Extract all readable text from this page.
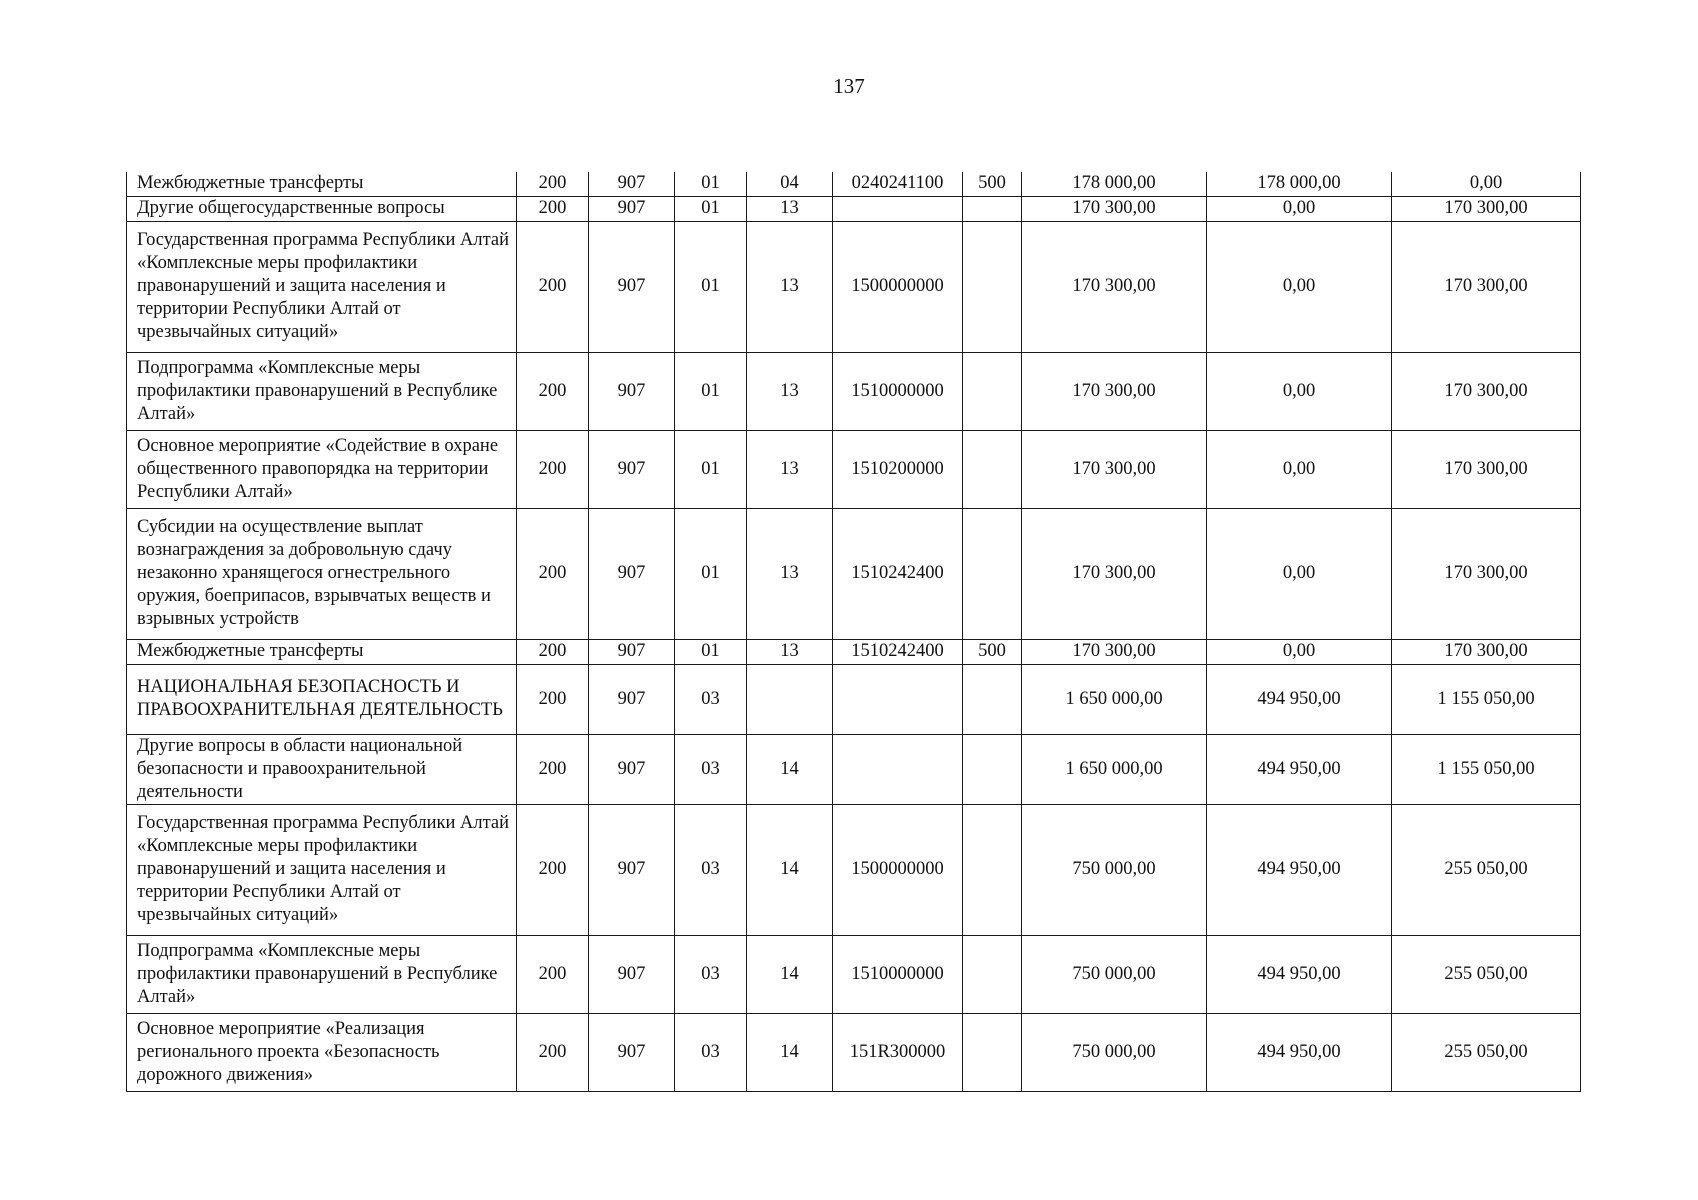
137
Межбюджетные трансферты	200	907	01	04	0240241100	500	178 000,00	178 000,00	0,00
Другие общегосударственные вопросы	200	907	01	13			170 300,00	0,00	170 300,00
Государственная программа Республики Алтай «Комплексные меры профилактики правонарушений и защита населения и территории Республики Алтай от чрезвычайных ситуаций»	200	907	01	13	1500000000		170 300,00	0,00	170 300,00
Подпрограмма «Комплексные меры профилактики правонарушений в Республике Алтай»	200	907	01	13	1510000000		170 300,00	0,00	170 300,00
Основное мероприятие «Содействие в охране общественного правопорядка на территории Республики Алтай»	200	907	01	13	1510200000		170 300,00	0,00	170 300,00
Субсидии на осуществление выплат вознаграждения за добровольную сдачу незаконно хранящегося огнестрельного оружия, боеприпасов, взрывчатых веществ и взрывных устройств	200	907	01	13	1510242400		170 300,00	0,00	170 300,00
Межбюджетные трансферты	200	907	01	13	1510242400	500	170 300,00	0,00	170 300,00
НАЦИОНАЛЬНАЯ БЕЗОПАСНОСТЬ И ПРАВООХРАНИТЕЛЬНАЯ ДЕЯТЕЛЬНОСТЬ	200	907	03				1 650 000,00	494 950,00	1 155 050,00
Другие вопросы в области национальной безопасности и правоохранительной деятельности	200	907	03	14			1 650 000,00	494 950,00	1 155 050,00
Государственная программа Республики Алтай «Комплексные меры профилактики правонарушений и защита населения и территории Республики Алтай от чрезвычайных ситуаций»	200	907	03	14	1500000000		750 000,00	494 950,00	255 050,00
Подпрограмма «Комплексные меры профилактики правонарушений в Республике Алтай»	200	907	03	14	1510000000		750 000,00	494 950,00	255 050,00
Основное мероприятие «Реализация регионального проекта «Безопасность дорожного движения»	200	907	03	14	151R300000		750 000,00	494 950,00	255 050,00
